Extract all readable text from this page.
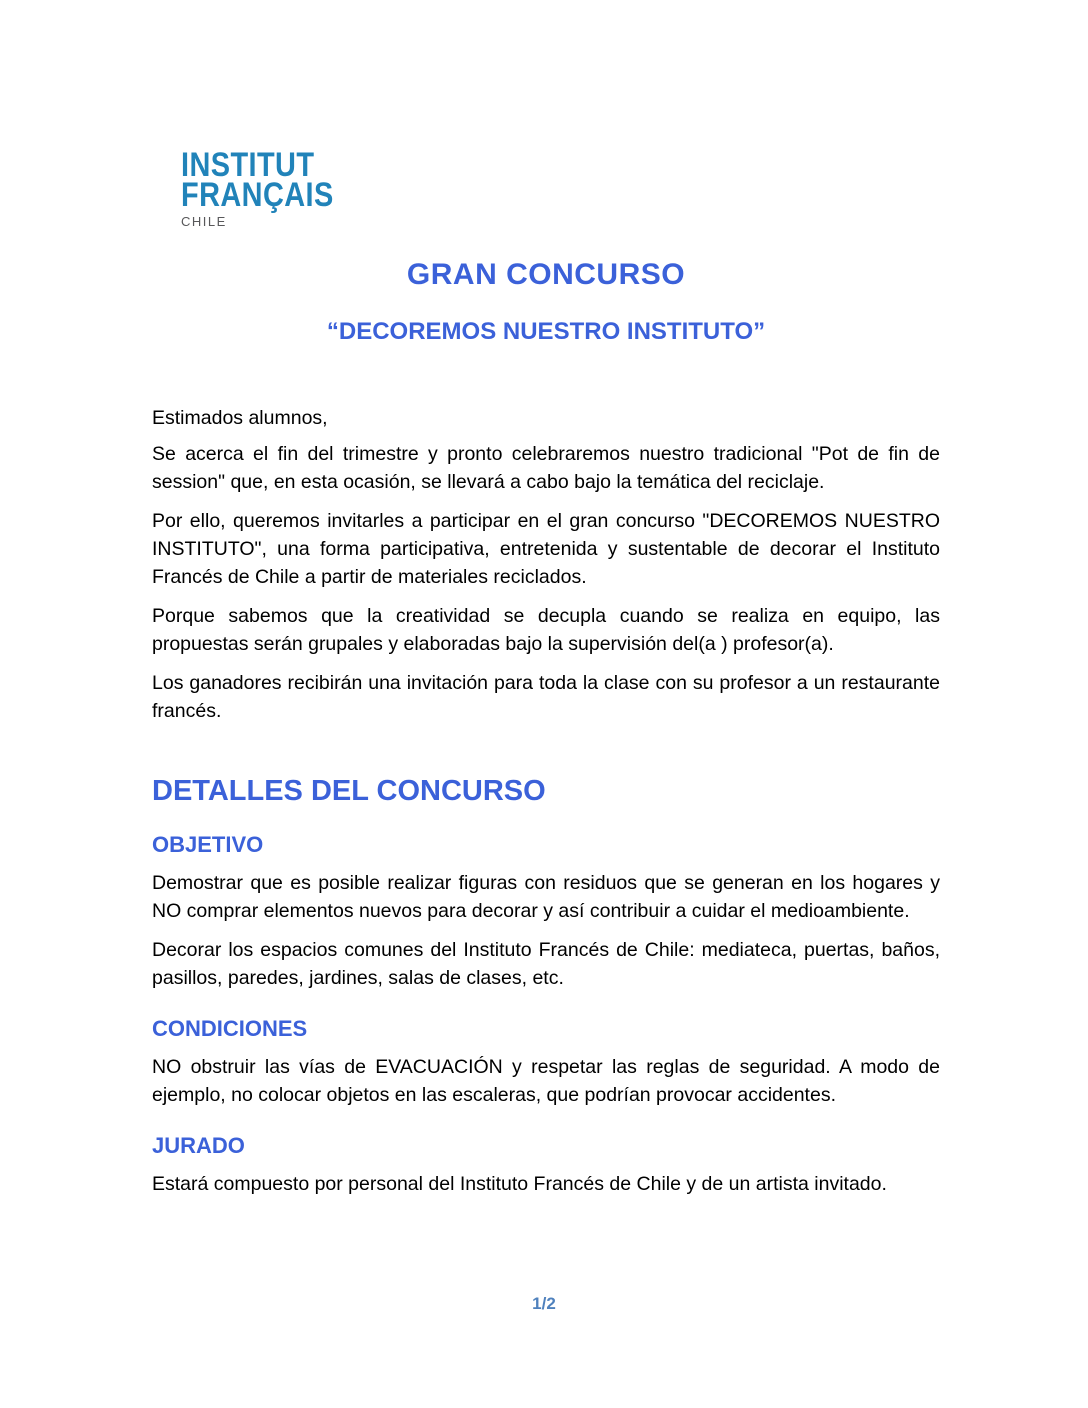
INSTITUT
FRANÇAIS
CHILE
GRAN CONCURSO
“DECOREMOS NUESTRO INSTITUTO”

Estimados alumnos,

Se acerca el fin del trimestre y pronto celebraremos nuestro tradicional "Pot de fin de session" que, en esta ocasión, se llevará a cabo bajo la temática del reciclaje.

Por ello, queremos invitarles a participar en el gran concurso "DECOREMOS NUESTRO INSTITUTO", una forma participativa, entretenida y sustentable de decorar el Instituto Francés de Chile a partir de materiales reciclados.

Porque sabemos que la creatividad se decupla cuando se realiza en equipo, las propuestas serán grupales y elaboradas bajo la supervisión del(a ) profesor(a).

Los ganadores recibirán una invitación para toda la clase con su profesor a un restaurante francés.

DETALLES DEL CONCURSO
OBJETIVO

Demostrar que es posible realizar figuras con residuos que se generan en los hogares y NO comprar elementos nuevos para decorar y así contribuir a cuidar el medioambiente.

Decorar los espacios comunes del Instituto Francés de Chile: mediateca, puertas, baños, pasillos, paredes, jardines, salas de clases, etc.

CONDICIONES

NO obstruir las vías de EVACUACIÓN y respetar las reglas de seguridad. A modo de ejemplo, no colocar objetos en las escaleras, que podrían provocar accidentes.

JURADO

Estará compuesto por personal del Instituto Francés de Chile y de un artista invitado.

1/2
